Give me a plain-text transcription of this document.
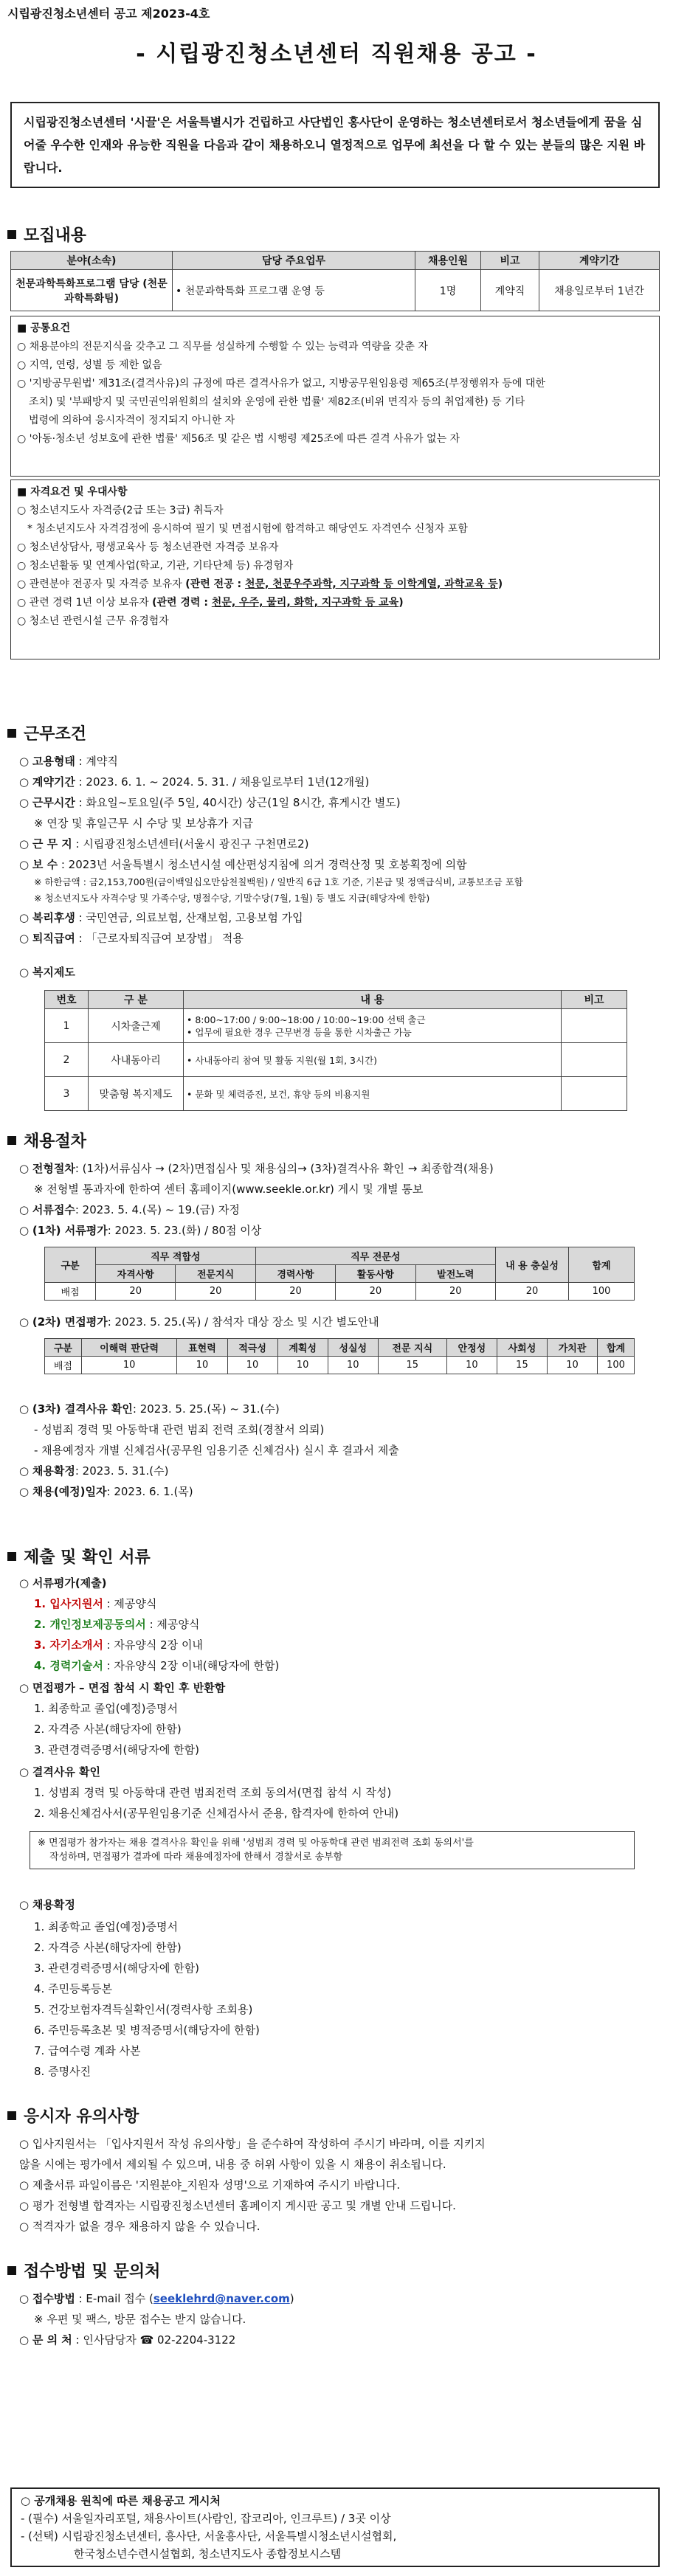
시립광진청소년센터 공고 제2023-4호
- 시립광진청소년센터 직원채용 공고 -
시립광진청소년센터 '시끌'은 서울특별시가 건립하고 사단법인 홍사단이 운영하는 청소년센터로서 청소년들에게 꿈을 심어줄 우수한 인재와 유능한 직원을 다음과 같이 채용하오니 열정적으로 업무에 최선을 다 할 수 있는 분들의 많은 지원 바랍니다.
모집내용
분야(소속)	담당 주요업무	채용인원	비고	계약기간
천문과학특화프로그램 담당 (천문과학특화팀)	• 천문과학특화 프로그램 운영 등	1명	계약직	채용일로부터 1년간
■ 공통요건
○ 채용분야의 전문지식을 갖추고 그 직무를 성실하게 수행할 수 있는 능력과 역량을 갖춘 자
○ 지역, 연령, 성별 등 제한 없음
○ '지방공무원법' 제31조(결격사유)의 규정에 따른 결격사유가 없고, 지방공무원임용령 제65조(부정행위자 등에 대한
조치) 및 '부패방지 및 국민권익위원회의 설치와 운영에 관한 법률' 제82조(비위 면직자 등의 취업제한) 등 기타
법령에 의하여 응시자격이 정지되지 아니한 자
○ '아동·청소년 성보호에 관한 법률' 제56조 및 같은 법 시행령 제25조에 따른 결격 사유가 없는 자
■ 자격요건 및 우대사항
○ 청소년지도사 자격증(2급 또는 3급) 취득자
* 청소년지도사 자격검정에 응시하여 필기 및 면접시험에 합격하고 해당연도 자격연수 신청자 포함
○ 청소년상담사, 평생교육사 등 청소년관련 자격증 보유자
○ 청소년활동 및 연계사업(학교, 기관, 기타단체 등) 유경험자
○ 관련분야 전공자 및 자격증 보유자 (관련 전공 : 천문, 천문우주과학, 지구과학 등 이학계열, 과학교육 등)
○ 관련 경력 1년 이상 보유자 (관련 경력 : 천문, 우주, 물리, 화학, 지구과학 등 교육)
○ 청소년 관련시설 근무 유경험자
근무조건
○ 고용형태 : 계약직
○ 계약기간 : 2023. 6. 1. ~ 2024. 5. 31. / 채용일로부터 1년(12개월)
○ 근무시간 : 화요일~토요일(주 5일, 40시간) 상근(1일 8시간, 휴게시간 별도)
※ 연장 및 휴일근무 시 수당 및 보상휴가 지급
○ 근 무 지 : 시립광진청소년센터(서울시 광진구 구천면로2)
○ 보 수 : 2023년 서울특별시 청소년시설 예산편성지침에 의거 경력산정 및 호봉획정에 의함
※ 하한금액 : 금2,153,700원(금이백일십오만삼천칠백원) / 일반직 6급 1호 기준, 기본급 및 정액급식비, 교통보조금 포함
※ 청소년지도사 자격수당 및 가족수당, 명절수당, 기말수당(7월, 1월) 등 별도 지급(해당자에 한함)
○ 복리후생 : 국민연금, 의료보험, 산재보험, 고용보험 가입
○ 퇴직급여 : 「근로자퇴직급여 보장법」 적용
○ 복지제도
번호	구 분	내 용	비고
1	시차출근제	• 8:00~17:00 / 9:00~18:00 / 10:00~19:00 선택 출근
• 업무에 필요한 경우 근무변경 등을 통한 시차출근 가능	
2	사내동아리	• 사내동아리 참여 및 활동 지원(월 1회, 3시간)	
3	맞춤형 복지제도	• 문화 및 체력증진, 보건, 휴양 등의 비용지원	
채용절차
○ 전형절차: (1차)서류심사 → (2차)면접심사 및 채용심의→ (3차)결격사유 확인 → 최종합격(채용)
※ 전형별 통과자에 한하여 센터 홈페이지(www.seekle.or.kr) 게시 및 개별 통보
○ 서류접수: 2023. 5. 4.(목) ~ 19.(금) 자정
○ (1차) 서류평가: 2023. 5. 23.(화) / 80점 이상
구분	직무 적합성		직무 전문성			내 용 충실성	합계
	자격사항	전문지식	경력사항	활동사항	발전노력		
배점	20	20	20	20	20	20	100
○ (2차) 면접평가: 2023. 5. 25.(목) / 참석자 대상 장소 및 시간 별도안내
구분	이해력 판단력	표현력	적극성	계획성	성실성	전문 지식	안정성	사회성	가치관	합계
배점	10	10	10	10	10	15	10	15	10	100
○ (3차) 결격사유 확인: 2023. 5. 25.(목) ~ 31.(수)
- 성범죄 경력 및 아동학대 관련 범죄 전력 조회(경찰서 의뢰)
- 채용예정자 개별 신체검사(공무원 임용기준 신체검사) 실시 후 결과서 제출
○ 채용확정: 2023. 5. 31.(수)
○ 채용(예정)일자: 2023. 6. 1.(목)
제출 및 확인 서류
○ 서류평가(제출)
1. 입사지원서 : 제공양식
2. 개인정보제공동의서 : 제공양식
3. 자기소개서 : 자유양식 2장 이내
4. 경력기술서 : 자유양식 2장 이내(해당자에 한함)
○ 면접평가 – 면접 참석 시 확인 후 반환함
1. 최종학교 졸업(예정)증명서
2. 자격증 사본(해당자에 한함)
3. 관련경력증명서(해당자에 한함)
○ 결격사유 확인
1. 성범죄 경력 및 아동학대 관련 범죄전력 조회 동의서(면접 참석 시 작성)
2. 채용신체검사서(공무원임용기준 신체검사서 준용, 합격자에 한하여 안내)
※ 면접평가 참가자는 채용 결격사유 확인을 위해 '성범죄 경력 및 아동학대 관련 범죄전력 조회 동의서'를
작성하며, 면접평가 결과에 따라 채용예정자에 한해서 경찰서로 송부함
○ 채용확정
1. 최종학교 졸업(예정)증명서
2. 자격증 사본(해당자에 한함)
3. 관련경력증명서(해당자에 한함)
4. 주민등록등본
5. 건강보험자격득실확인서(경력사항 조회용)
6. 주민등록초본 및 병적증명서(해당자에 한함)
7. 급여수령 계좌 사본
8. 증명사진
응시자 유의사항
○ 입사지원서는 「입사지원서 작성 유의사항」을 준수하여 작성하여 주시기 바라며, 이를 지키지
않을 시에는 평가에서 제외될 수 있으며, 내용 중 허위 사항이 있을 시 채용이 취소됩니다.
○ 제출서류 파일이름은 '지원분야_지원자 성명'으로 기재하여 주시기 바랍니다.
○ 평가 전형별 합격자는 시립광진청소년센터 홈페이지 게시판 공고 및 개별 안내 드립니다.
○ 적격자가 없을 경우 채용하지 않을 수 있습니다.
접수방법 및 문의처
○ 접수방법 : E-mail 접수 (seeklehrd@naver.com)
※ 우편 및 팩스, 방문 접수는 받지 않습니다.
○ 문 의 처 : 인사담당자 ☎ 02-2204-3122
○ 공개채용 원칙에 따른 채용공고 게시처
- (필수) 서울일자리포털, 채용사이트(사람인, 잡코리아, 인크루트) / 3곳 이상
- (선택) 시립광진청소년센터, 흥사단, 서울흥사단, 서울특별시청소년시설협회,
한국청소년수련시설협회, 청소년지도사 종합정보시스템
